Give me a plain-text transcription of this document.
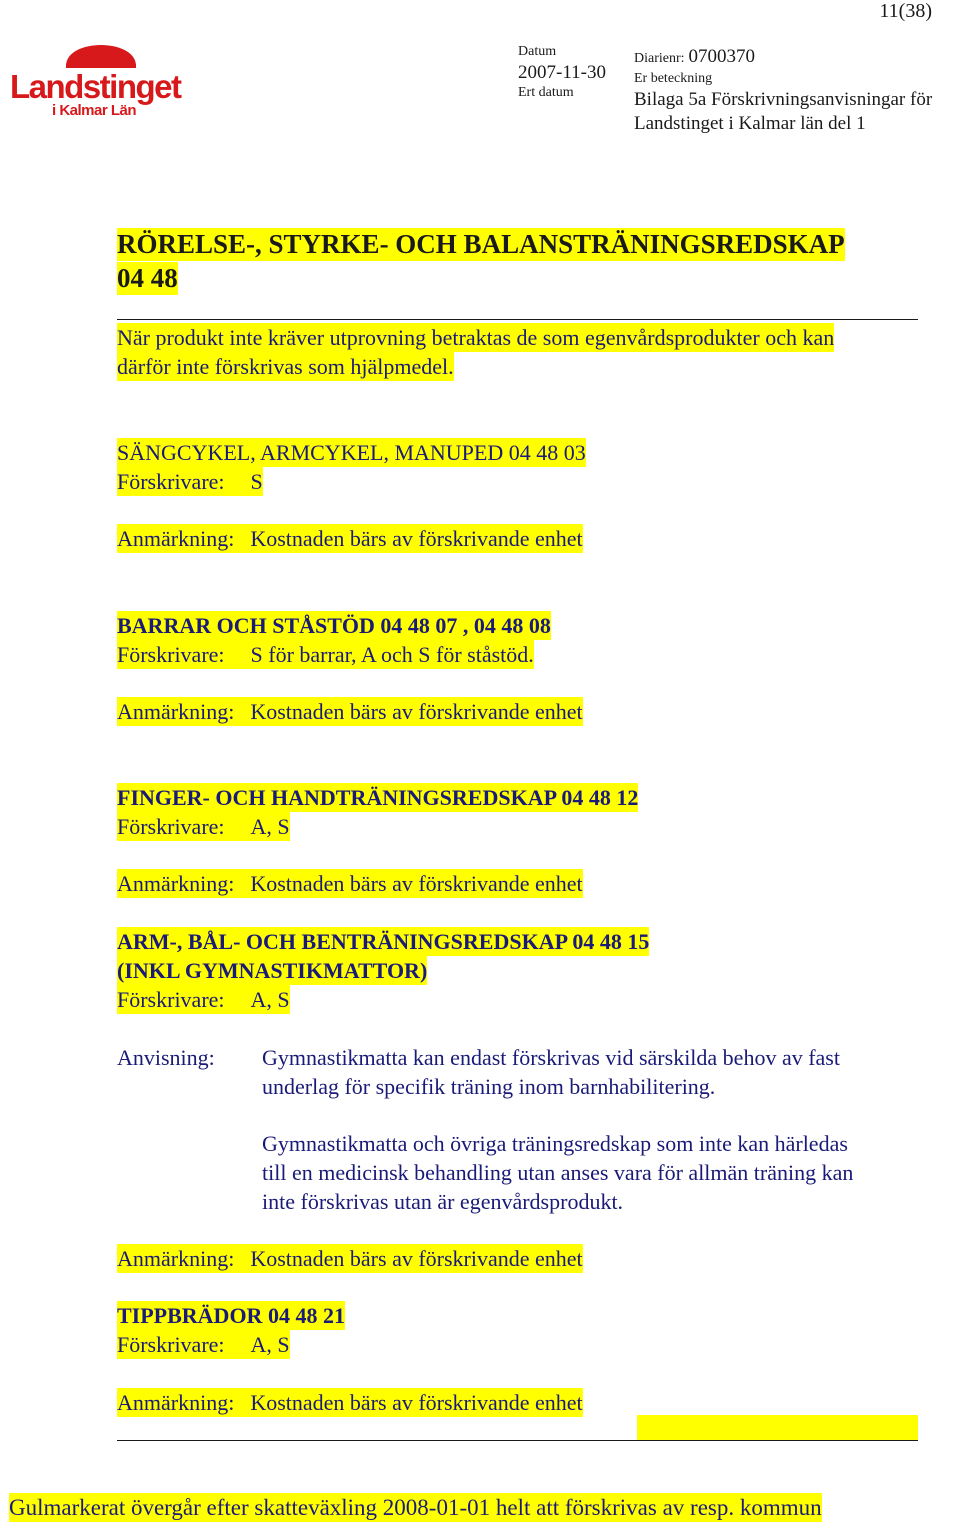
11(38)
Landstinget
i Kalmar Län
Datum
2007-11-30
Ert datum
Diarienr: 0700370
Er beteckning
Bilaga 5a Förskrivningsanvisningar för
Landstinget i Kalmar län del 1
RÖRELSE-, STYRKE- OCH BALANSTRÄNINGSREDSKAP
04 48
När produkt inte kräver utprovning betraktas de som egenvårdsprodukter och kan
därför inte förskrivas som hjälpmedel.
SÄNGCYKEL, ARMCYKEL, MANUPED 04 48 03
Förskrivare: S
Anmärkning: Kostnaden bärs av förskrivande enhet
BARRAR OCH STÅSTÖD 04 48 07 , 04 48 08
Förskrivare: S för barrar, A och S för ståstöd.
Anmärkning: Kostnaden bärs av förskrivande enhet
FINGER- OCH HANDTRÄNINGSREDSKAP 04 48 12
Förskrivare: A, S
Anmärkning: Kostnaden bärs av förskrivande enhet
ARM-, BÅL- OCH BENTRÄNINGSREDSKAP 04 48 15
(INKL GYMNASTIKMATTOR)
Förskrivare: A, S
Anvisning: Gymnastikmatta kan endast förskrivas vid särskilda behov av fast
underlag för specifik träning inom barnhabilitering.
Gymnastikmatta och övriga träningsredskap som inte kan härledas
till en medicinsk behandling utan anses vara för allmän träning kan
inte förskrivas utan är egenvårdsprodukt.
Anmärkning: Kostnaden bärs av förskrivande enhet
TIPPBRÄDOR 04 48 21
Förskrivare: A, S
Anmärkning: Kostnaden bärs av förskrivande enhet
Gulmarkerat övergår efter skatteväxling 2008-01-01 helt att förskrivas av resp. kommun
